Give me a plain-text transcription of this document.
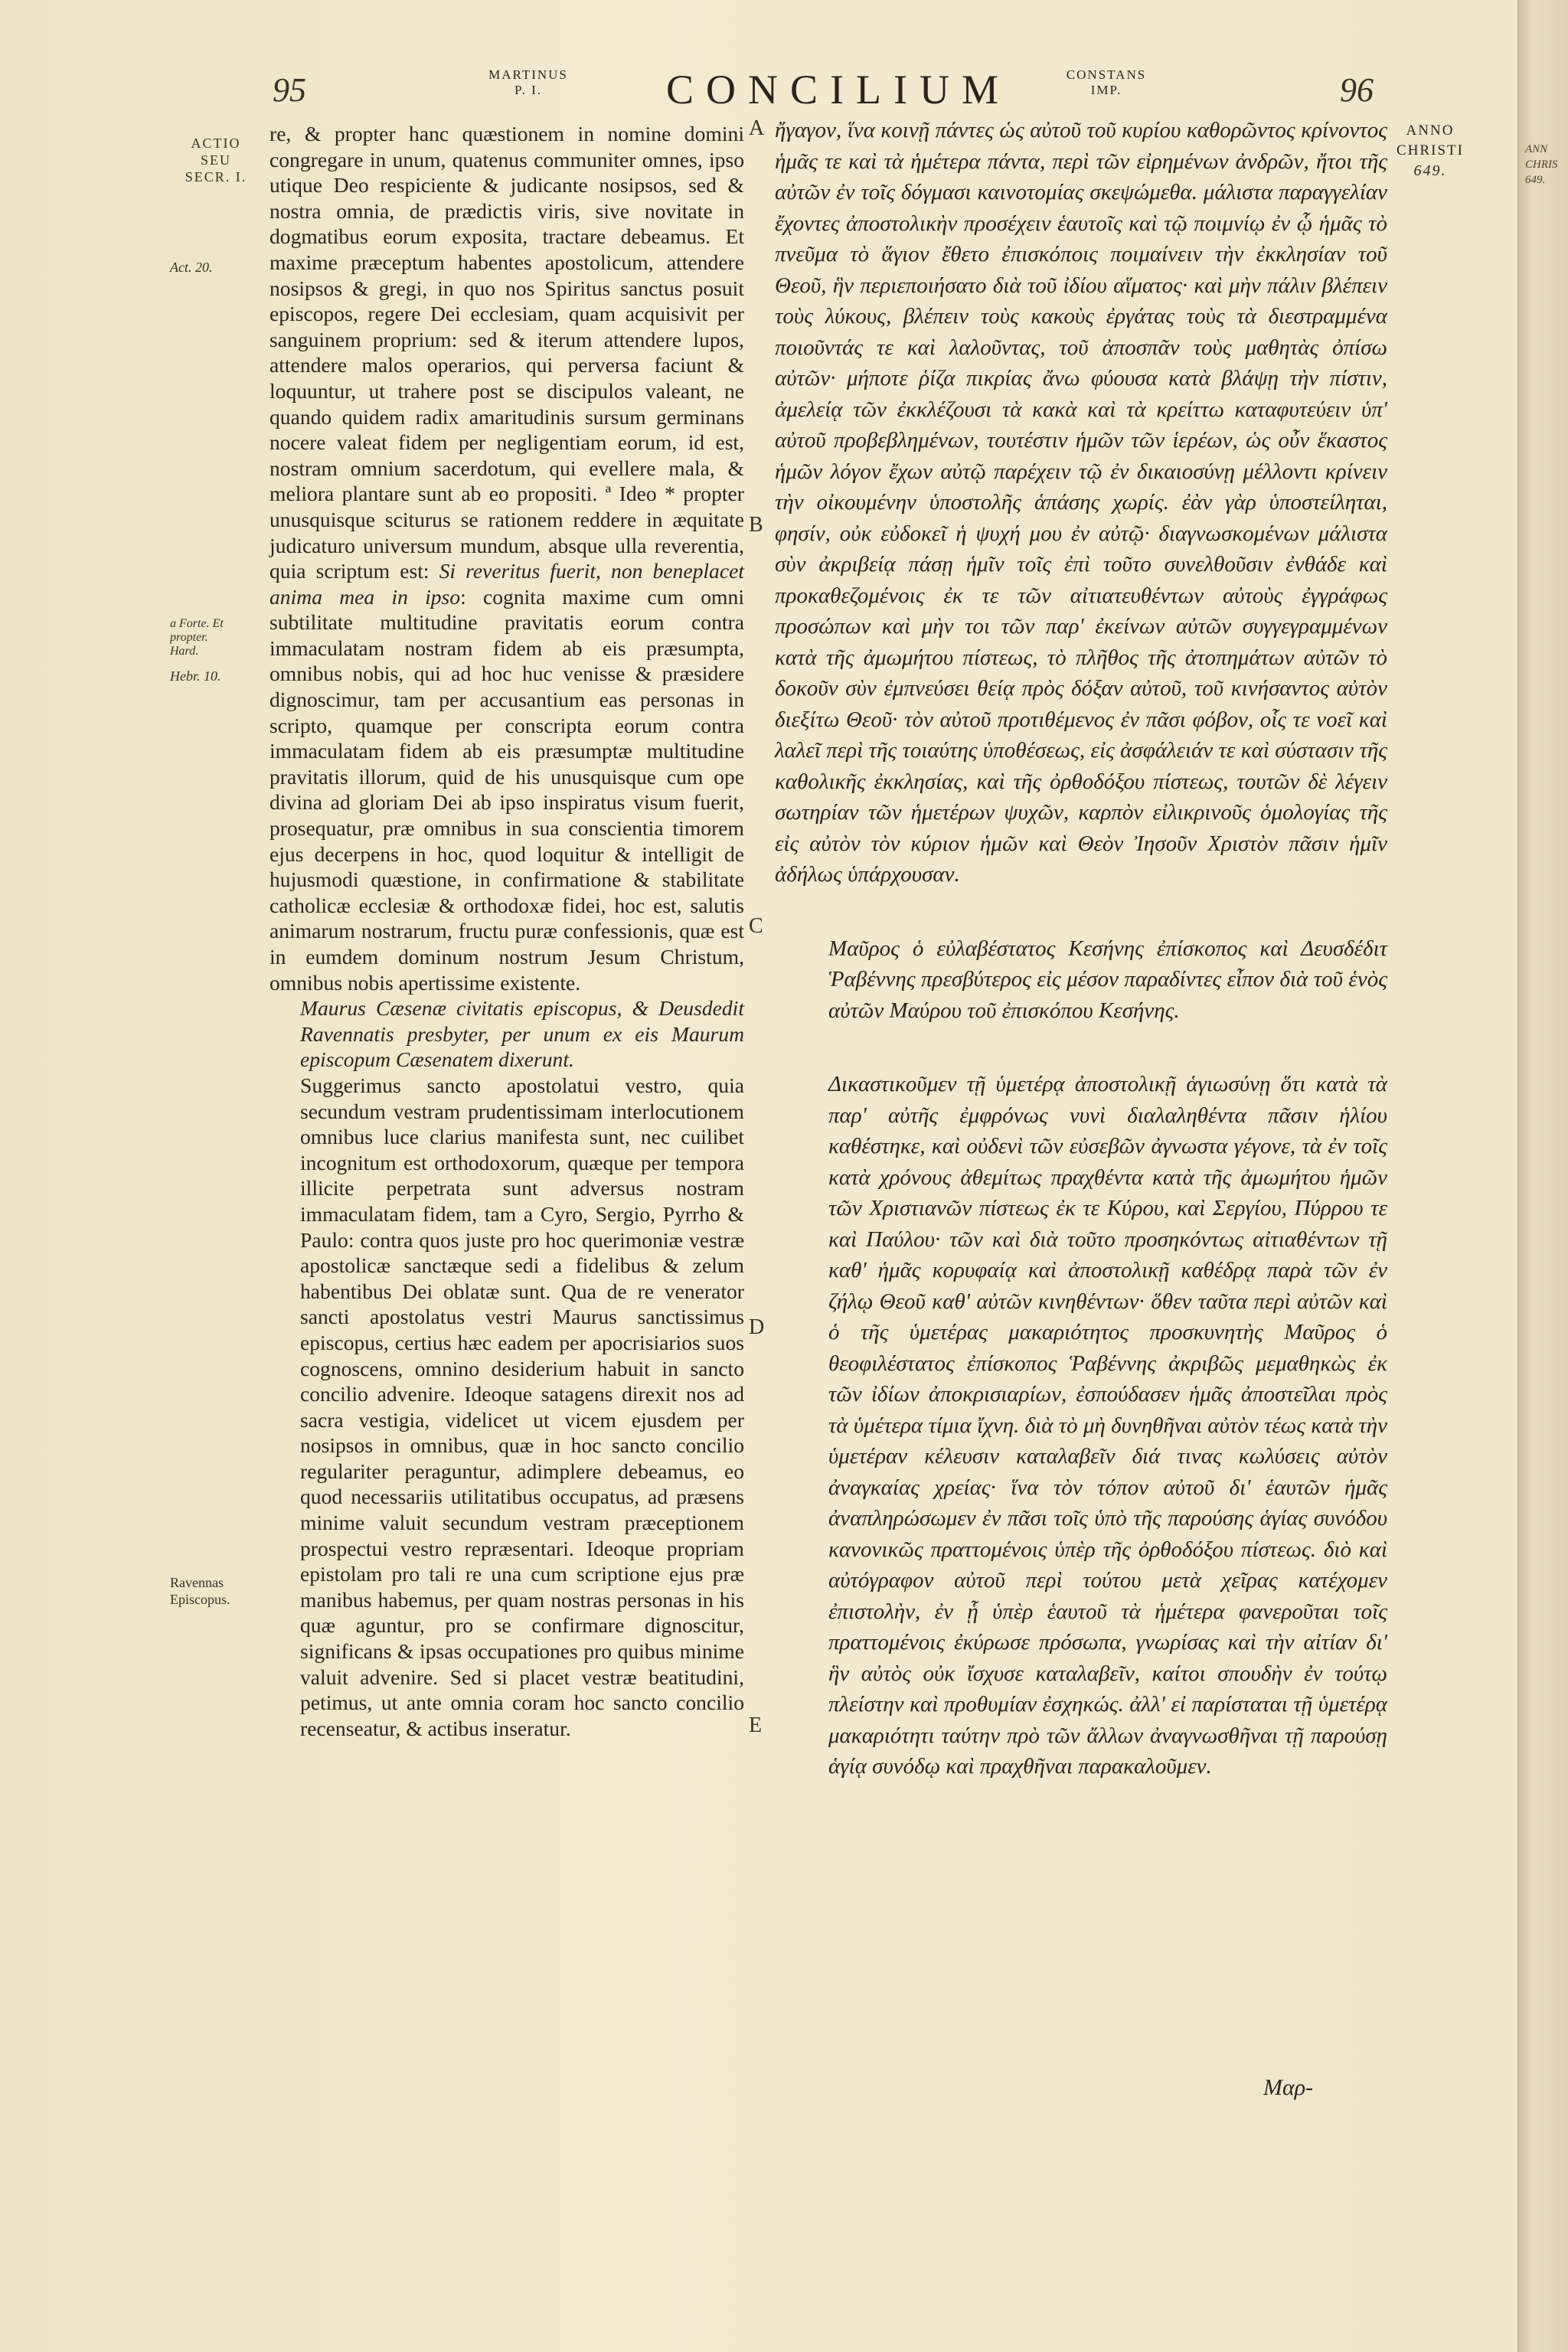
ANN
CHRIS
649.
95	MARTINUS
P. I.	CONCILIUM	CONSTANS
IMP.	96
ANNO
CHRISTI
649.
ACTIO
SEU
SECR. I.
Act. 20.
a Forte. Et
propter.
Hard.
Hebr. 10.
Ravennas
Episcopus.

re, & propter hanc quæstionem in nomine domini congregare in unum, quatenus communiter omnes, ipso utique Deo respiciente & judicante nosipsos, sed & nostra omnia, de prædictis viris, sive novitate in dogmatibus eorum exposita, tractare debeamus. Et maxime præceptum habentes apostolicum, attendere nosipsos & gregi, in quo nos Spiritus sanctus posuit episcopos, regere Dei ecclesiam, quam acquisivit per sanguinem proprium: sed & iterum attendere lupos, attendere malos operarios, qui perversa faciunt & loquuntur, ut trahere post se discipulos valeant, ne quando quidem radix amaritudinis sursum germinans nocere valeat fidem per negligentiam eorum, id est, nostram omnium sacerdotum, qui evellere mala, & meliora plantare sunt ab eo propositi. ª Ideo * propter unusquisque sciturus se rationem reddere in æquitate judicaturo universum mundum, absque ulla reverentia, quia scriptum est: Si reveritus fuerit, non beneplacet anima mea in ipso: cognita maxime cum omni subtilitate multitudine pravitatis eorum contra immaculatam nostram fidem ab eis præsumpta, omnibus nobis, qui ad hoc huc venisse & præsidere dignoscimur, tam per accusantium eas personas in scripto, quamque per conscripta eorum contra immaculatam fidem ab eis præsumptæ multitudine pravitatis illorum, quid de his unusquisque cum ope divina ad gloriam Dei ab ipso inspiratus visum fuerit, prosequatur, præ omnibus in sua conscientia timorem ejus decerpens in hoc, quod loquitur & intelligit de hujusmodi quæstione, in confirmatione & stabilitate catholicæ ecclesiæ & orthodoxæ fidei, hoc est, salutis animarum nostrarum, fructu puræ confessionis, quæ est in eumdem dominum nostrum Jesum Christum, omnibus nobis apertissime existente.

Maurus Cæsenæ civitatis episcopus, & Deusdedit Ravennatis presbyter, per unum ex eis Maurum episcopum Cæsenatem dixerunt.

Suggerimus sancto apostolatui vestro, quia secundum vestram prudentissimam interlocutionem omnibus luce clarius manifesta sunt, nec cuilibet incognitum est orthodoxorum, quæque per tempora illicite perpetrata sunt adversus nostram immaculatam fidem, tam a Cyro, Sergio, Pyrrho & Paulo: contra quos juste pro hoc querimoniæ vestræ apostolicæ sanctæque sedi a fidelibus & zelum habentibus Dei oblatæ sunt. Qua de re venerator sancti apostolatus vestri Maurus sanctissimus episcopus, certius hæc eadem per apocrisiarios suos cognoscens, omnino desiderium habuit in sancto concilio advenire. Ideoque satagens direxit nos ad sacra vestigia, videlicet ut vicem ejusdem per nosipsos in omnibus, quæ in hoc sancto concilio regulariter peraguntur, adimplere debeamus, eo quod necessariis utilitatibus occupatus, ad præsens minime valuit secundum vestram præceptionem prospectui vestro repræsentari. Ideoque propriam epistolam pro tali re una cum scriptione ejus præ manibus habemus, per quam nostras personas in his quæ aguntur, pro se confirmare dignoscitur, significans & ipsas occupationes pro quibus minime valuit advenire. Sed si placet vestræ beatitudini, petimus, ut ante omnia coram hoc sancto concilio recenseatur, & actibus inseratur.

A
B
C
D
E

ἤγαγον, ἵνα κοινῇ πάντες ὡς αὐτοῦ τοῦ κυρίου καθορῶντος κρίνοντος ἡμᾶς τε καὶ τὰ ἡμέτερα πάντα, περὶ τῶν εἰρημένων ἀνδρῶν, ἤτοι τῆς αὐτῶν ἐν τοῖς δόγμασι καινοτομίας σκεψώμεθα. μάλιστα παραγγελίαν ἔχοντες ἀποστολικὴν προσέχειν ἑαυτοῖς καὶ τῷ ποιμνίῳ ἐν ᾧ ἡμᾶς τὸ πνεῦμα τὸ ἅγιον ἔθετο ἐπισκόποις ποιμαίνειν τὴν ἐκκλησίαν τοῦ Θεοῦ, ἣν περιεποιήσατο διὰ τοῦ ἰδίου αἵματος· καὶ μὴν πάλιν βλέπειν τοὺς λύκους, βλέπειν τοὺς κακοὺς ἐργάτας τοὺς τὰ διεστραμμένα ποιοῦντάς τε καὶ λαλοῦντας, τοῦ ἀποσπᾶν τοὺς μαθητὰς ὀπίσω αὐτῶν· μήποτε ῥίζα πικρίας ἄνω φύουσα κατὰ βλάψῃ τὴν πίστιν, ἀμελείᾳ τῶν ἐκκλέζουσι τὰ κακὰ καὶ τὰ κρείττω καταφυτεύειν ὑπ' αὐτοῦ προβεβλημένων, τουτέστιν ἡμῶν τῶν ἱερέων, ὡς οὖν ἕκαστος ἡμῶν λόγον ἔχων αὐτῷ παρέχειν τῷ ἐν δικαιοσύνῃ μέλλοντι κρίνειν τὴν οἰκουμένην ὑποστολῆς ἁπάσης χωρίς. ἐὰν γὰρ ὑποστείληται, φησίν, οὐκ εὐδοκεῖ ἡ ψυχή μου ἐν αὐτῷ· διαγνωσκομένων μάλιστα σὺν ἀκριβείᾳ πάσῃ ἡμῖν τοῖς ἐπὶ τοῦτο συνελθοῦσιν ἐνθάδε καὶ προκαθεζομένοις ἐκ τε τῶν αἰτιατευθέντων αὐτοὺς ἐγγράφως προσώπων καὶ μὴν τοι τῶν παρ' ἐκείνων αὐτῶν συγγεγραμμένων κατὰ τῆς ἀμωμήτου πίστεως, τὸ πλῆθος τῆς ἀτοπημάτων αὐτῶν τὸ δοκοῦν σὺν ἐμπνεύσει θείᾳ πρὸς δόξαν αὐτοῦ, τοῦ κινήσαντος αὐτὸν διεξίτω Θεοῦ· τὸν αὐτοῦ προτιθέμενος ἐν πᾶσι φόβον, οἷς τε νοεῖ καὶ λαλεῖ περὶ τῆς τοιαύτης ὑποθέσεως, εἰς ἀσφάλειάν τε καὶ σύστασιν τῆς καθολικῆς ἐκκλησίας, καὶ τῆς ὀρθοδόξου πίστεως, τουτῶν δὲ λέγειν σωτηρίαν τῶν ἡμετέρων ψυχῶν, καρπὸν εἰλικρινοῦς ὁμολογίας τῆς εἰς αὐτὸν τὸν κύριον ἡμῶν καὶ Θεὸν Ἰησοῦν Χριστὸν πᾶσιν ἡμῖν ἀδήλως ὑπάρχουσαν.

Μαῦρος ὁ εὐλαβέστατος Κεσήνης ἐπίσκοπος καὶ Δευσδέδιτ Ῥαβέννης πρεσβύτερος εἰς μέσον παραδίντες εἶπον διὰ τοῦ ἑνὸς αὐτῶν Μαύρου τοῦ ἐπισκόπου Κεσήνης.

Δικαστικοῦμεν τῇ ὑμετέρᾳ ἀποστολικῇ ἁγιωσύνῃ ὅτι κατὰ τὰ παρ' αὐτῆς ἐμφρόνως νυνὶ διαλαληθέντα πᾶσιν ἡλίου καθέστηκε, καὶ οὐδενὶ τῶν εὐσεβῶν ἀγνωστα γέγονε, τὰ ἐν τοῖς κατὰ χρόνους ἀθεμίτως πραχθέντα κατὰ τῆς ἀμωμήτου ἡμῶν τῶν Χριστιανῶν πίστεως ἐκ τε Κύρου, καὶ Σεργίου, Πύρρου τε καὶ Παύλου· τῶν καὶ διὰ τοῦτο προσηκόντως αἰτιαθέντων τῇ καθ' ἡμᾶς κορυφαίᾳ καὶ ἀποστολικῇ καθέδρᾳ παρὰ τῶν ἐν ζήλῳ Θεοῦ καθ' αὐτῶν κινηθέντων· ὅθεν ταῦτα περὶ αὐτῶν καὶ ὁ τῆς ὑμετέρας μακαριότητος προσκυνητὴς Μαῦρος ὁ θεοφιλέστατος ἐπίσκοπος Ῥαβέννης ἀκριβῶς μεμαθηκὼς ἐκ τῶν ἰδίων ἀποκρισιαρίων, ἐσπούδασεν ἡμᾶς ἀποστεῖλαι πρὸς τὰ ὑμέτερα τίμια ἴχνη. διὰ τὸ μὴ δυνηθῆναι αὐτὸν τέως κατὰ τὴν ὑμετέραν κέλευσιν καταλαβεῖν διά τινας κωλύσεις αὐτὸν ἀναγκαίας χρείας· ἵνα τὸν τόπον αὐτοῦ δι' ἑαυτῶν ἡμᾶς ἀναπληρώσωμεν ἐν πᾶσι τοῖς ὑπὸ τῆς παρούσης ἁγίας συνόδου κανονικῶς πραττομένοις ὑπὲρ τῆς ὀρθοδόξου πίστεως. διὸ καὶ αὐτόγραφον αὐτοῦ περὶ τούτου μετὰ χεῖρας κατέχομεν ἐπιστολὴν, ἐν ᾗ ὑπὲρ ἑαυτοῦ τὰ ἡμέτερα φανεροῦται τοῖς πραττομένοις ἐκύρωσε πρόσωπα, γνωρίσας καὶ τὴν αἰτίαν δι' ἣν αὐτὸς οὐκ ἴσχυσε καταλαβεῖν, καίτοι σπουδὴν ἐν τούτῳ πλείστην καὶ προθυμίαν ἐσχηκώς. ἀλλ' εἰ παρίσταται τῇ ὑμετέρᾳ μακαριότητι ταύτην πρὸ τῶν ἄλλων ἀναγνωσθῆναι τῇ παρούσῃ ἁγίᾳ συνόδῳ καὶ πραχθῆναι παρακαλοῦμεν.

Μαρ-
